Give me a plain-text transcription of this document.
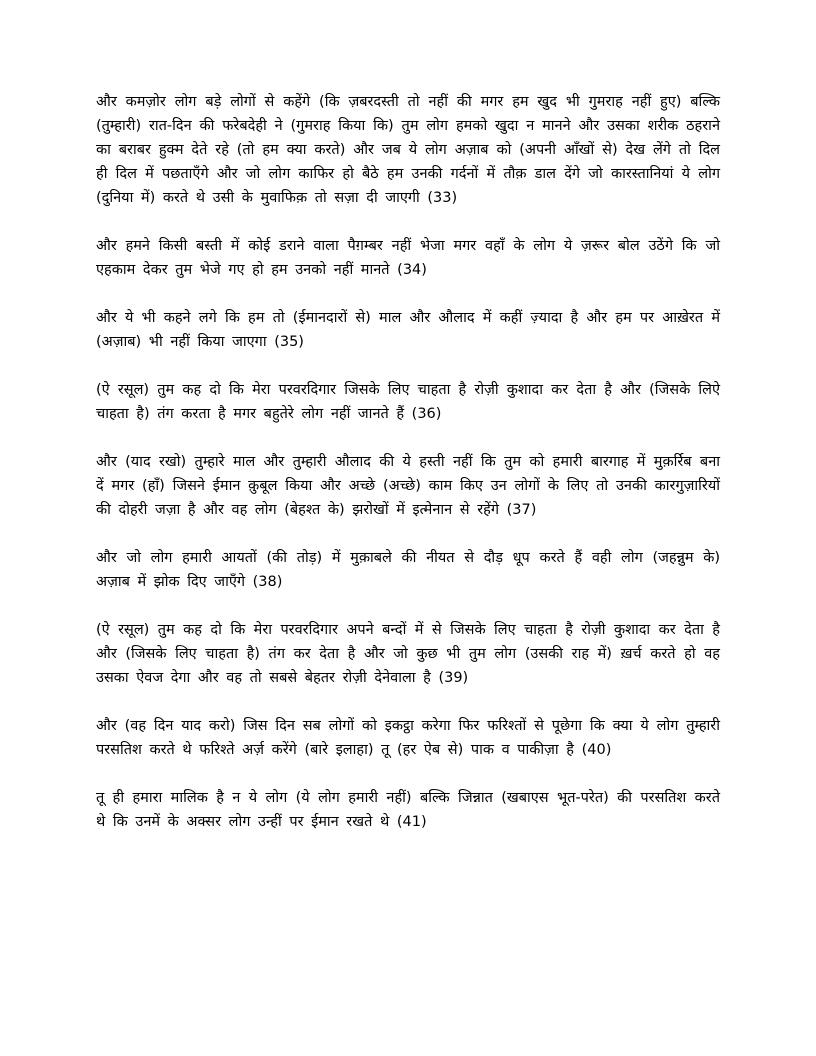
और कमज़ोर लोग बड़े लोगों से कहेंगे (कि ज़बरदस्ती तो नहीं की मगर हम खुद भी गुमराह नहीं हुए) बल्कि (तुम्हारी) रात-दिन की फरेबदेही ने (गुमराह किया कि) तुम लोग हमको खुदा न मानने और उसका शरीक ठहराने का बराबर हुक्म देते रहे (तो हम क्या करते) और जब ये लोग अज़ाब को (अपनी आँखों से) देख लेंगे तो दिल ही दिल में पछताएँगे और जो लोग काफिर हो बैठे हम उनकी गर्दनों में तौक़ डाल देंगे जो कारस्तानियां ये लोग (दुनिया में) करते थे उसी के मुवाफिक़ तो सज़ा दी जाएगी (33)

और हमने किसी बस्ती में कोई डराने वाला पैग़म्बर नहीं भेजा मगर वहाँ के लोग ये ज़रूर बोल उठेंगे कि जो एहकाम देकर तुम भेजे गए हो हम उनको नहीं मानते (34)

और ये भी कहने लगे कि हम तो (ईमानदारों से) माल और औलाद में कहीं ज़्यादा है और हम पर आख़ेरत में (अज़ाब) भी नहीं किया जाएगा (35)

(ऐ रसूल) तुम कह दो कि मेरा परवरदिगार जिसके लिए चाहता है रोज़ी कुशादा कर देता है और (जिसके लिऐ चाहता है) तंग करता है मगर बहुतेरे लोग नहीं जानते हैं (36)

और (याद रखो) तुम्हारे माल और तुम्हारी औलाद की ये हस्ती नहीं कि तुम को हमारी बारगाह में मुक़र्रिब बना दें मगर (हाँ) जिसने ईमान क़ुबूल किया और अच्छे (अच्छे) काम किए उन लोगों के लिए तो उनकी कारगुज़ारियों की दोहरी जज़ा है और वह लोग (बेहश्त के) झरोखों में इत्मेनान से रहेंगे (37)

और जो लोग हमारी आयतों (की तोड़) में मुक़ाबले की नीयत से दौड़ धूप करते हैं वही लोग (जहन्नुम के) अज़ाब में झोक दिए जाएँगे (38)

(ऐ रसूल) तुम कह दो कि मेरा परवरदिगार अपने बन्दों में से जिसके लिए चाहता है रोज़ी कुशादा कर देता है और (जिसके लिए चाहता है) तंग कर देता है और जो कुछ भी तुम लोग (उसकी राह में) ख़र्च करते हो वह उसका ऐवज देगा और वह तो सबसे बेहतर रोज़ी देनेवाला है (39)

और (वह दिन याद करो) जिस दिन सब लोगों को इकट्ठा करेगा फिर फरिश्तों से पूछेगा कि क्या ये लोग तुम्हारी परसतिश करते थे फरिश्ते अर्ज़ करेंगे (बारे इलाहा) तू (हर ऐब से) पाक व पाकीज़ा है (40)

तू ही हमारा मालिक है न ये लोग (ये लोग हमारी नहीं) बल्कि जिन्नात (खबाएस भूत-परेत) की परसतिश करते थे कि उनमें के अक्सर लोग उन्हीं पर ईमान रखते थे (41)
